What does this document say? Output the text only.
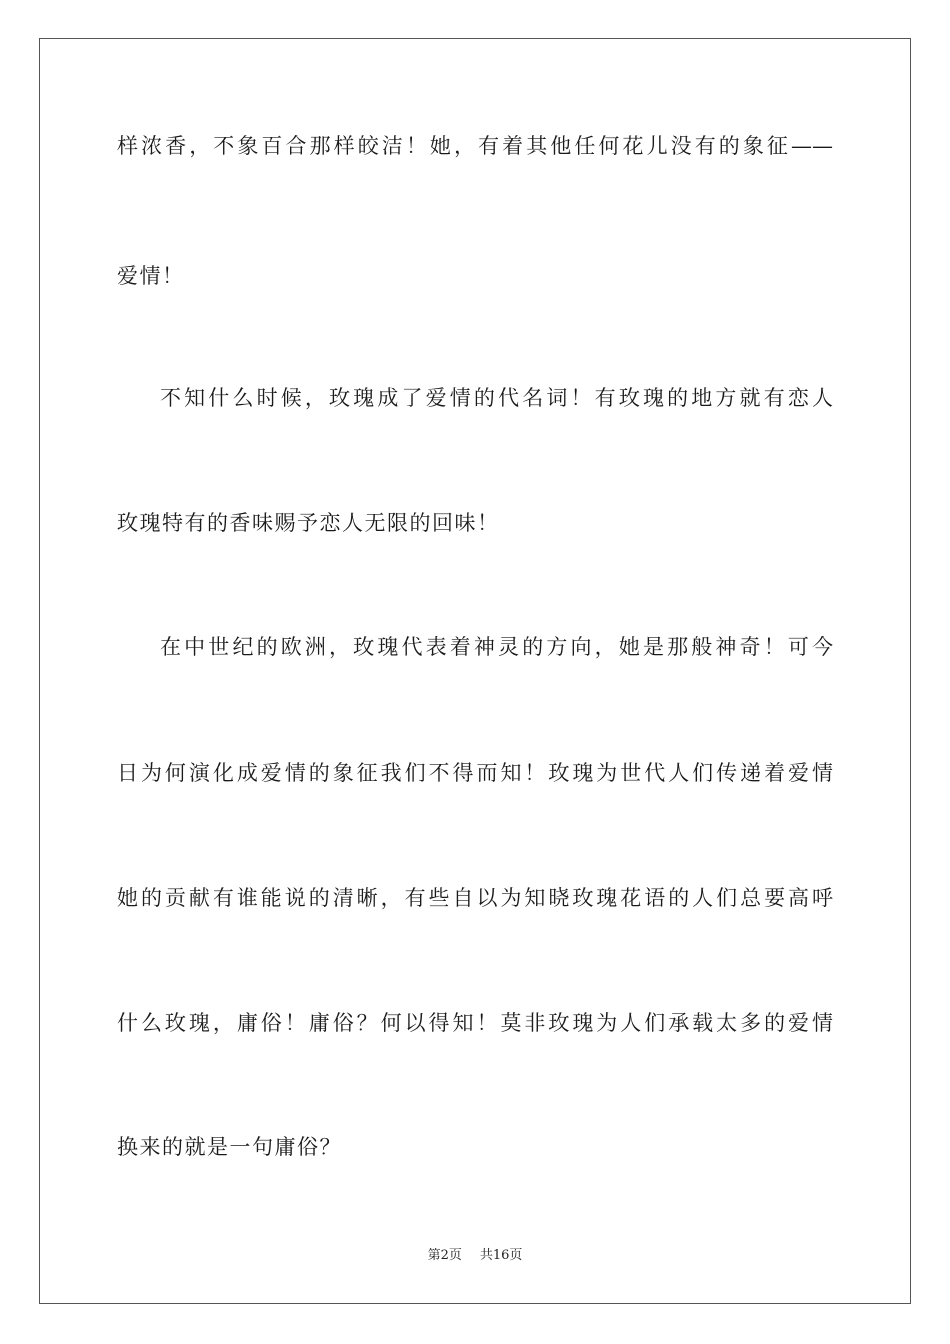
样浓香，不象百合那样皎洁！她，有着其他任何花儿没有的象征——
爱情！
不知什么时候，玫瑰成了爱情的代名词！有玫瑰的地方就有恋人
玫瑰特有的香味赐予恋人无限的回味！
在中世纪的欧洲，玫瑰代表着神灵的方向，她是那般神奇！可今
日为何演化成爱情的象征我们不得而知！玫瑰为世代人们传递着爱情
她的贡献有谁能说的清晰，有些自以为知晓玫瑰花语的人们总要高呼
什么玫瑰，庸俗！庸俗？何以得知！莫非玫瑰为人们承载太多的爱情
换来的就是一句庸俗？
第2页 共16页
